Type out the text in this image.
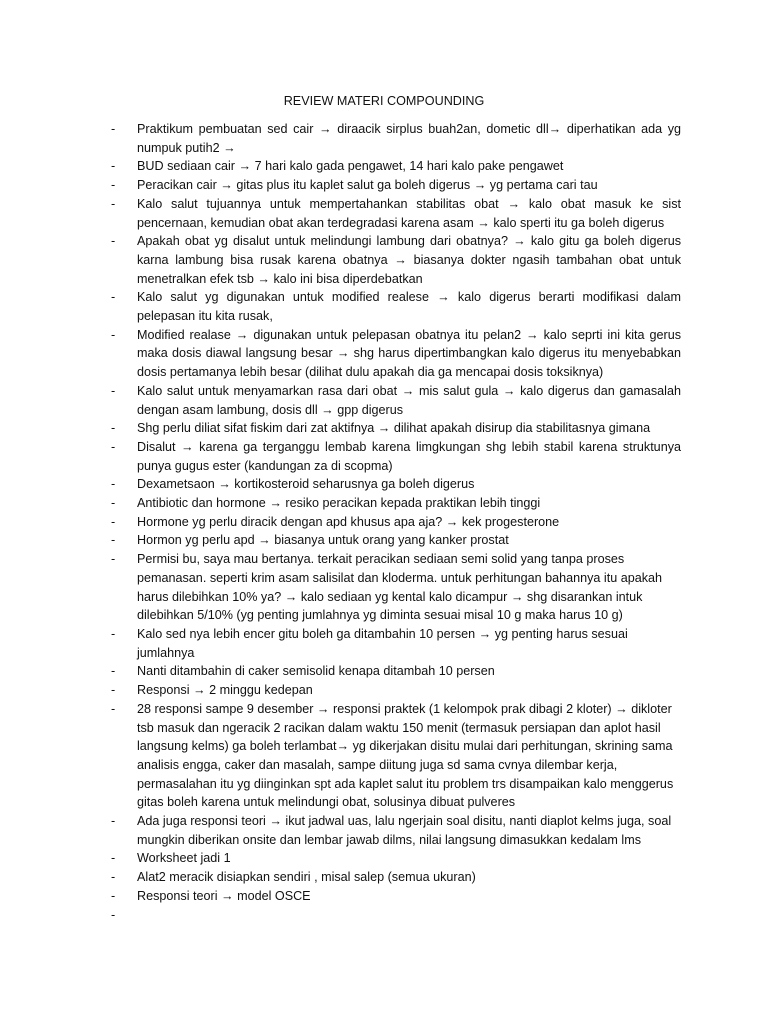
REVIEW MATERI COMPOUNDING
- Praktikum pembuatan sed cair → diraacik sirplus buah2an, dometic dll→ diperhatikan ada yg numpuk putih2 →
- BUD sediaan cair → 7 hari kalo gada pengawet, 14 hari kalo pake pengawet
- Peracikan cair → gitas plus itu kaplet salut ga boleh digerus → yg pertama cari tau
- Kalo salut tujuannya untuk mempertahankan stabilitas obat → kalo obat masuk ke sist pencernaan, kemudian obat akan terdegradasi karena asam → kalo sperti itu ga boleh digerus
- Apakah obat yg disalut untuk melindungi lambung dari obatnya? → kalo gitu ga boleh digerus karna lambung bisa rusak karena obatnya → biasanya dokter ngasih tambahan obat untuk menetralkan efek tsb → kalo ini bisa diperdebatkan
- Kalo salut yg digunakan untuk modified realese → kalo digerus berarti modifikasi dalam pelepasan itu kita rusak,
- Modified realase → digunakan untuk pelepasan obatnya itu pelan2 → kalo seprti ini kita gerus maka dosis diawal langsung besar → shg harus dipertimbangkan kalo digerus itu menyebabkan dosis pertamanya lebih besar (dilihat dulu apakah dia ga mencapai dosis toksiknya)
- Kalo salut untuk menyamarkan rasa dari obat → mis salut gula → kalo digerus dan gamasalah dengan asam lambung, dosis dll → gpp digerus
- Shg perlu diliat sifat fiskim dari zat aktifnya → dilihat apakah disirup dia stabilitasnya gimana
- Disalut → karena ga terganggu lembab karena limgkungan shg lebih stabil karena struktunya punya gugus ester (kandungan za di scopma)
- Dexametsaon → kortikosteroid seharusnya ga boleh digerus
- Antibiotic dan hormone → resiko peracikan kepada praktikan lebih tinggi
- Hormone yg perlu diracik dengan apd khusus apa aja? → kek progesterone
- Hormon yg perlu apd → biasanya untuk orang yang kanker prostat
- Permisi bu, saya mau bertanya. terkait peracikan sediaan semi solid yang tanpa proses
pemanasan. seperti krim asam salisilat dan kloderma. untuk perhitungan bahannya itu apakah
harus dilebihkan 10% ya? → kalo sediaan yg kental kalo dicampur → shg disarankan intuk
dilebihkan 5/10% (yg penting jumlahnya yg diminta sesuai misal 10 g maka harus 10 g)
- Kalo sed nya lebih encer gitu boleh ga ditambahin 10 persen → yg penting harus sesuai
jumlahnya
- Nanti ditambahin di caker semisolid kenapa ditambah 10 persen
- Responsi → 2 minggu kedepan
- 28 responsi sampe 9 desember → responsi praktek (1 kelompok prak dibagi 2 kloter) → dikloter
tsb masuk dan ngeracik 2 racikan dalam waktu 150 menit (termasuk persiapan dan aplot hasil
langsung kelms) ga boleh terlambat→ yg dikerjakan disitu mulai dari perhitungan, skrining sama
analisis engga, caker dan masalah, sampe diitung juga sd sama cvnya dilembar kerja,
permasalahan itu yg diinginkan spt ada kaplet salut itu problem trs disampaikan kalo menggerus
gitas boleh karena untuk melindungi obat, solusinya dibuat pulveres
- Ada juga responsi teori → ikut jadwal uas, lalu ngerjain soal disitu, nanti diaplot kelms juga, soal
mungkin diberikan onsite dan lembar jawab dilms, nilai langsung dimasukkan kedalam lms
- Worksheet jadi 1
- Alat2 meracik disiapkan sendiri , misal salep (semua ukuran)
- Responsi teori → model OSCE
-
